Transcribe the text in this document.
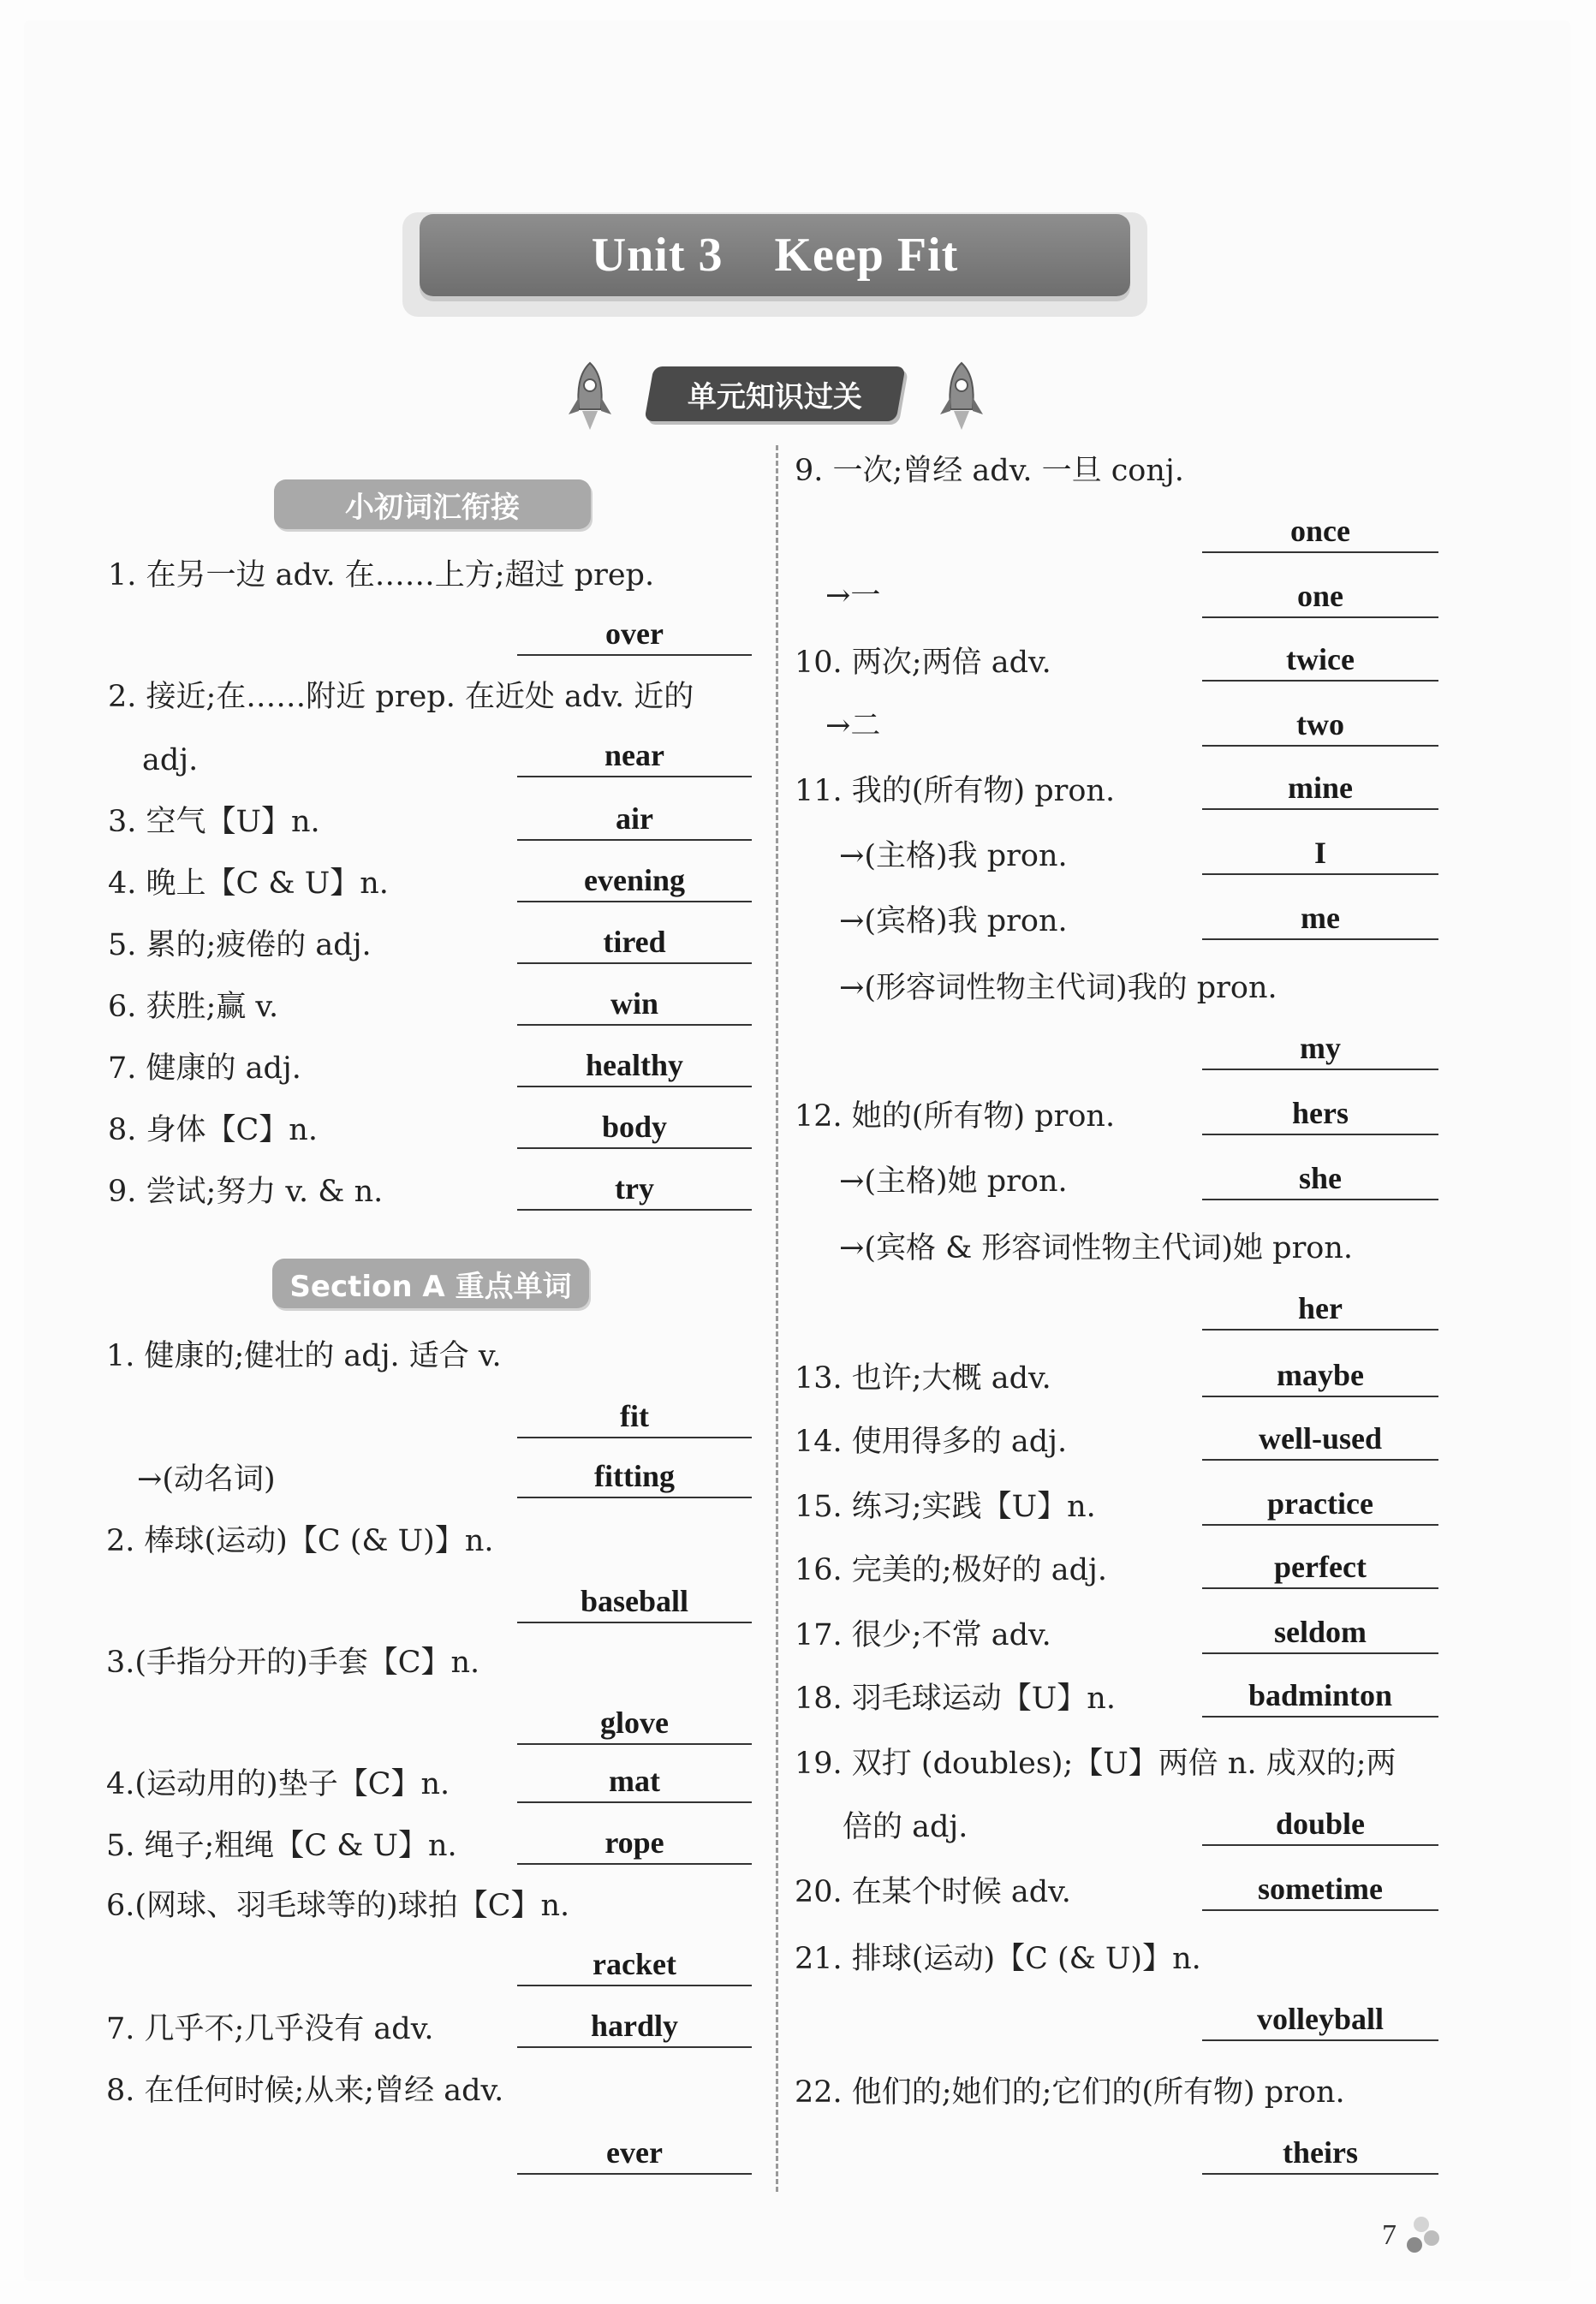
Unit 3    Keep Fit
单元知识过关
小初词汇衔接
1. 在另一边 adv. 在……上方;超过 prep.
over
2. 接近;在……附近 prep. 在近处 adv. 近的
adj.	near
3. 空气【U】n.	air
4. 晚上【C & U】n.	evening
5. 累的;疲倦的 adj.	tired
6. 获胜;赢 v.	win
7. 健康的 adj.	healthy
8. 身体【C】n.	body
9. 尝试;努力 v. & n.	try
Section A 重点单词
1. 健康的;健壮的 adj. 适合 v.
fit
→(动名词)	fitting
2. 棒球(运动)【C (& U)】n.
baseball
3.(手指分开的)手套【C】n.
glove
4.(运动用的)垫子【C】n.	mat
5. 绳子;粗绳【C & U】n.	rope
6.(网球、羽毛球等的)球拍【C】n.
racket
7. 几乎不;几乎没有 adv.	hardly
8. 在任何时候;从来;曾经 adv.
ever
9. 一次;曾经 adv. 一旦 conj.
once
→一	one
10. 两次;两倍 adv.	twice
→二	two
11. 我的(所有物) pron.	mine
→(主格)我 pron.	I
→(宾格)我 pron.	me
→(形容词性物主代词)我的 pron.
my
12. 她的(所有物) pron.	hers
→(主格)她 pron.	she
→(宾格 & 形容词性物主代词)她 pron.
her
13. 也许;大概 adv.	maybe
14. 使用得多的 adj.	well-used
15. 练习;实践【U】n.	practice
16. 完美的;极好的 adj.	perfect
17. 很少;不常 adv.	seldom
18. 羽毛球运动【U】n.	badminton
19. 双打 (doubles);【U】两倍 n. 成双的;两
倍的 adj.	double
20. 在某个时候 adv.	sometime
21. 排球(运动)【C (& U)】n.
volleyball
22. 他们的;她们的;它们的(所有物) pron.
theirs
7
